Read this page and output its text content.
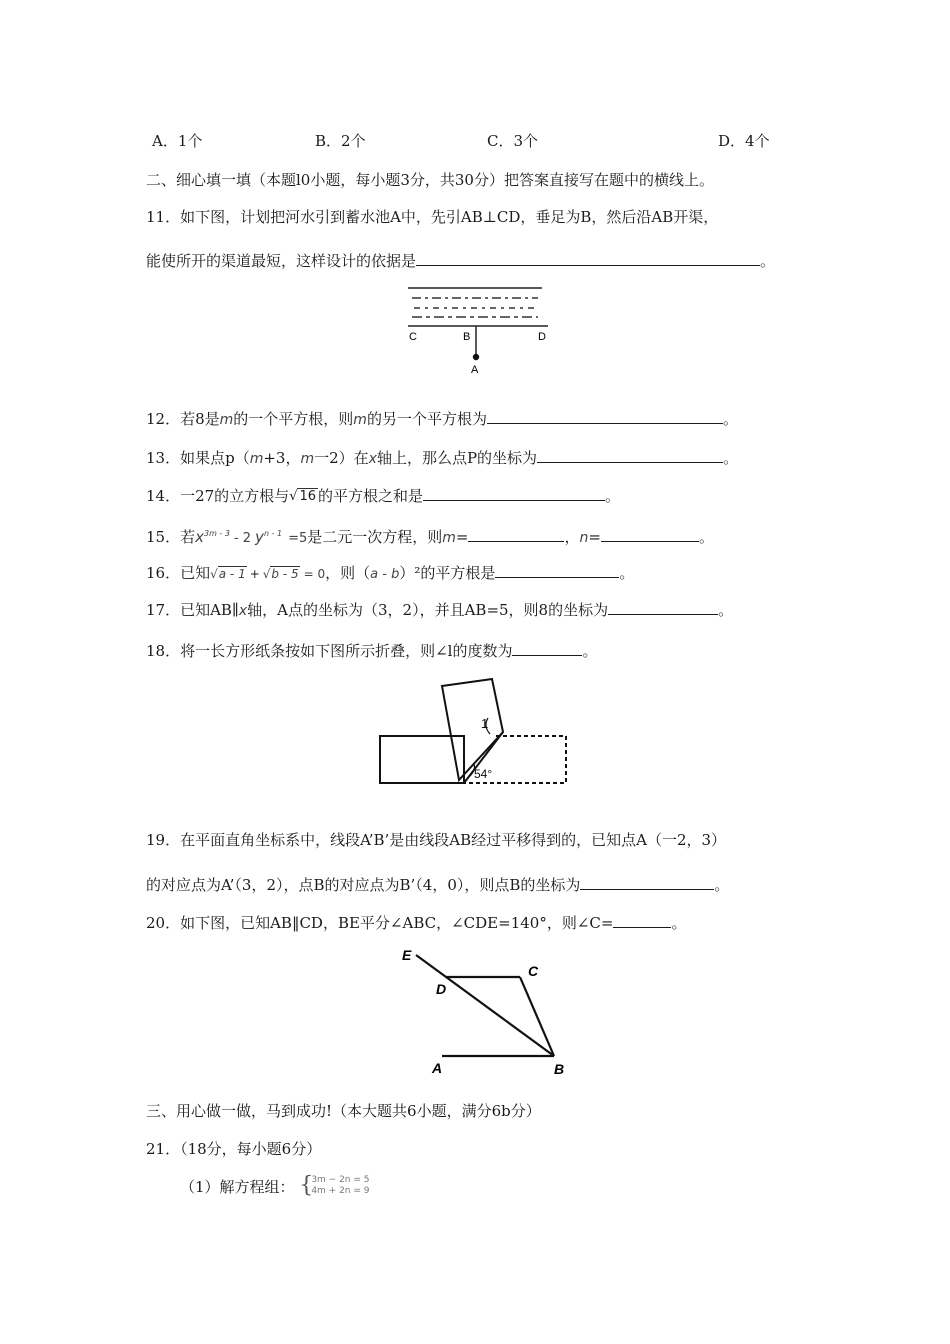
A．1个	B．2个	C．3个	D．4个
二、细心填一填（本题l0小题，每小题3分，共30分）把答案直接写在题中的横线上。
11．如下图，计划把河水引到蓄水池A中，先引AB⊥CD，垂足为B，然后沿AB开渠，
能使所开的渠道最短，这样设计的依据是	。
C	B	D
A
12．若8是m的一个平方根，则m的另一个平方根为	。
13．如果点p（m+3，m一2）在x轴上，那么点P的坐标为	。
14．一27的立方根与√ 16 的平方根之和是	。
15．若$x^{3m - 3} - 2$ $y^{n - 1} =5$是二元一次方程，则m=	，n=	。
16．已知√a - 1 + √b - 5 = 0，则（a - b）²的平方根是	。
17．已知AB∥x轴，A点的坐标为（3，2），并且AB=5，则8的坐标为	。
18．将一长方形纸条按如下图所示折叠，则∠l的度数为	。
1
54°
19．在平面直角坐标系中，线段A’B’是由线段AB经过平移得到的，已知点A（一2，3）
的对应点为A’（3，2），点B的对应点为B’（4，0），则点B的坐标为	。
20．如下图，已知AB‖CD，BE平分∠ABC，∠CDE=140°，则∠C=	。
E
D
C
A	B
三、用心做一做，马到成功!（本大题共6小题，满分6b分）
21．（18分，每小题6分）
（1）解方程组： {
3m − 2n = 5
4m + 2n = 9
